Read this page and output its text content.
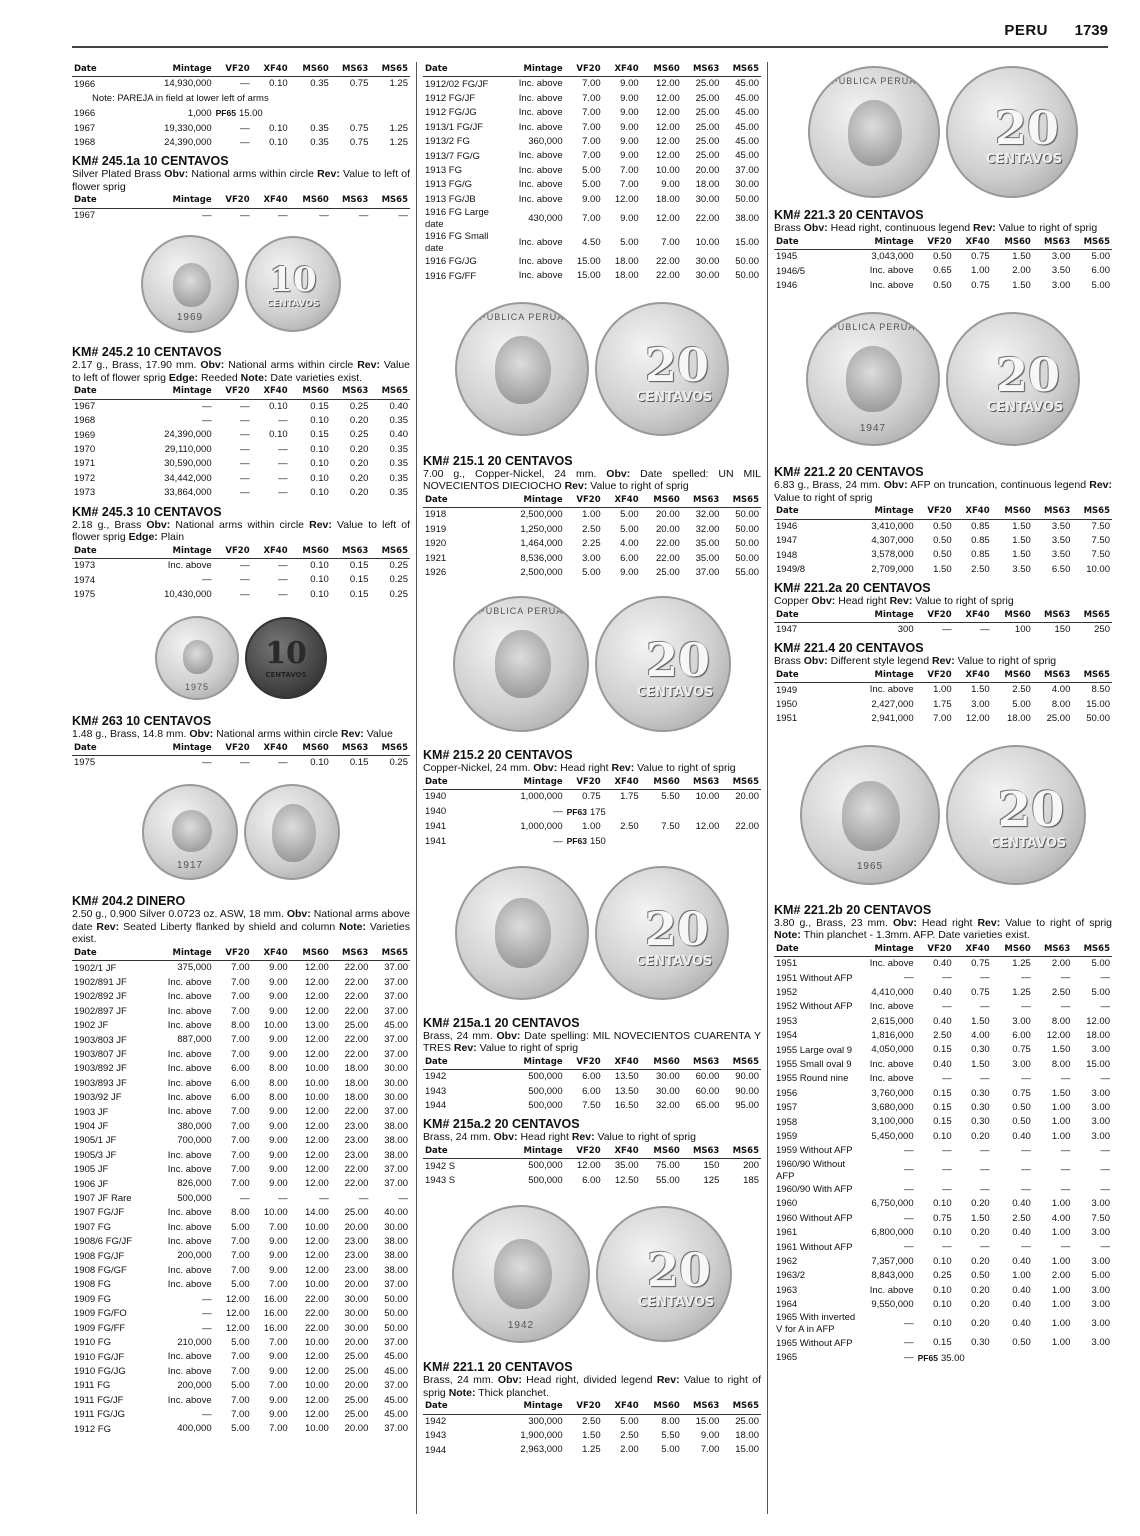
PERU 1739
Date	Mintage	VF20	XF40	MS60	MS63	MS65
1966	14,930,000	—	0.10	0.35	0.75	1.25
Note: PAREJA in field at lower left of arms						
1966	1,000	PF65 15.00				
1967	19,330,000	—	0.10	0.35	0.75	1.25
1968	24,390,000	—	0.10	0.35	0.75	1.25
KM# 245.1a 10 CENTAVOS
Silver Plated Brass Obv: National arms within circle Rev: Value to left of flower sprig
Date	Mintage	VF20	XF40	MS60	MS63	MS65
1967	—	—	—	—	—	—
1969
10
CENTAVOS
KM# 245.2 10 CENTAVOS
2.17 g., Brass, 17.90 mm. Obv: National arms within circle Rev: Value to left of flower sprig Edge: Reeded Note: Date varieties exist.
Date	Mintage	VF20	XF40	MS60	MS63	MS65
1967	—	—	0.10	0.15	0.25	0.40
1968	—	—	—	0.10	0.20	0.35
1969	24,390,000	—	0.10	0.15	0.25	0.40
1970	29,110,000	—	—	0.10	0.20	0.35
1971	30,590,000	—	—	0.10	0.20	0.35
1972	34,442,000	—	—	0.10	0.20	0.35
1973	33,864,000	—	—	0.10	0.20	0.35
KM# 245.3 10 CENTAVOS
2.18 g., Brass Obv: National arms within circle Rev: Value to left of flower sprig Edge: Plain
Date	Mintage	VF20	XF40	MS60	MS63	MS65
1973	Inc. above	—	—	0.10	0.15	0.25
1974	—	—	—	0.10	0.15	0.25
1975	10,430,000	—	—	0.10	0.15	0.25
1975
10
CENTAVOS
KM# 263 10 CENTAVOS
1.48 g., Brass, 14.8 mm. Obv: National arms within circle Rev: Value
Date	Mintage	VF20	XF40	MS60	MS63	MS65
1975	—	—	—	0.10	0.15	0.25
1917
KM# 204.2 DINERO
2.50 g., 0.900 Silver 0.0723 oz. ASW, 18 mm. Obv: National arms above date Rev: Seated Liberty flanked by shield and column Note: Varieties exist.
Date	Mintage	VF20	XF40	MS60	MS63	MS65
1902/1 JF	375,000	7.00	9.00	12.00	22.00	37.00
1902/891 JF	Inc. above	7.00	9.00	12.00	22.00	37.00
1902/892 JF	Inc. above	7.00	9.00	12.00	22.00	37.00
1902/897 JF	Inc. above	7.00	9.00	12.00	22.00	37.00
1902 JF	Inc. above	8.00	10.00	13.00	25.00	45.00
1903/803 JF	887,000	7.00	9.00	12.00	22.00	37.00
1903/807 JF	Inc. above	7.00	9.00	12.00	22.00	37.00
1903/892 JF	Inc. above	6.00	8.00	10.00	18.00	30.00
1903/893 JF	Inc. above	6.00	8.00	10.00	18.00	30.00
1903/92 JF	Inc. above	6.00	8.00	10.00	18.00	30.00
1903 JF	Inc. above	7.00	9.00	12.00	22.00	37.00
1904 JF	380,000	7.00	9.00	12.00	23.00	38.00
1905/1 JF	700,000	7.00	9.00	12.00	23.00	38.00
1905/3 JF	Inc. above	7.00	9.00	12.00	23.00	38.00
1905 JF	Inc. above	7.00	9.00	12.00	22.00	37.00
1906 JF	826,000	7.00	9.00	12.00	22.00	37.00
1907 JF Rare	500,000	—	—	—	—	—
1907 FG/JF	Inc. above	8.00	10.00	14.00	25.00	40.00
1907 FG	Inc. above	5.00	7.00	10.00	20.00	30.00
1908/6 FG/JF	Inc. above	7.00	9.00	12.00	23.00	38.00
1908 FG/JF	200,000	7.00	9.00	12.00	23.00	38.00
1908 FG/GF	Inc. above	7.00	9.00	12.00	23.00	38.00
1908 FG	Inc. above	5.00	7.00	10.00	20.00	37.00
1909 FG	—	12.00	16.00	22.00	30.00	50.00
1909 FG/FO	—	12.00	16.00	22.00	30.00	50.00
1909 FG/FF	—	12.00	16.00	22.00	30.00	50.00
1910 FG	210,000	5.00	7.00	10.00	20.00	37.00
1910 FG/JF	Inc. above	7.00	9.00	12.00	25.00	45.00
1910 FG/JG	Inc. above	7.00	9.00	12.00	25.00	45.00
1911 FG	200,000	5.00	7.00	10.00	20.00	37.00
1911 FG/JF	Inc. above	7.00	9.00	12.00	25.00	45.00
1911 FG/JG	—	7.00	9.00	12.00	25.00	45.00
1912 FG	400,000	5.00	7.00	10.00	20.00	37.00
Date	Mintage	VF20	XF40	MS60	MS63	MS65
1912/02 FG/JF	Inc. above	7.00	9.00	12.00	25.00	45.00
1912 FG/JF	Inc. above	7.00	9.00	12.00	25.00	45.00
1912 FG/JG	Inc. above	7.00	9.00	12.00	25.00	45.00
1913/1 FG/JF	Inc. above	7.00	9.00	12.00	25.00	45.00
1913/2 FG	360,000	7.00	9.00	12.00	25.00	45.00
1913/7 FG/G	Inc. above	7.00	9.00	12.00	25.00	45.00
1913 FG	Inc. above	5.00	7.00	10.00	20.00	37.00
1913 FG/G	Inc. above	5.00	7.00	9.00	18.00	30.00
1913 FG/JB	Inc. above	9.00	12.00	18.00	30.00	50.00
1916 FG Large date	430,000	7.00	9.00	12.00	22.00	38.00
1916 FG Small date	Inc. above	4.50	5.00	7.00	10.00	15.00
1916 FG/JG	Inc. above	15.00	18.00	22.00	30.00	50.00
1916 FG/FF	Inc. above	15.00	18.00	22.00	30.00	50.00
REPUBLICA PERUANA
20
CENTAVOS
KM# 215.1 20 CENTAVOS
7.00 g., Copper-Nickel, 24 mm. Obv: Date spelled: UN MIL NOVECIENTOS DIECIOCHO Rev: Value to right of sprig
Date	Mintage	VF20	XF40	MS60	MS63	MS65
1918	2,500,000	1.00	5.00	20.00	32.00	50.00
1919	1,250,000	2.50	5.00	20.00	32.00	50.00
1920	1,464,000	2.25	4.00	22.00	35.00	50.00
1921	8,536,000	3.00	6.00	22.00	35.00	50.00
1926	2,500,000	5.00	9.00	25.00	37.00	55.00
REPUBLICA PERUANA
20
CENTAVOS
KM# 215.2 20 CENTAVOS
Copper-Nickel, 24 mm. Obv: Head right Rev: Value to right of sprig
Date	Mintage	VF20	XF40	MS60	MS63	MS65
1940	1,000,000	0.75	1.75	5.50	10.00	20.00
1940	—	PF63 175				
1941	1,000,000	1.00	2.50	7.50	12.00	22.00
1941	—	PF63 150				
20
CENTAVOS
KM# 215a.1 20 CENTAVOS
Brass, 24 mm. Obv: Date spelling: MIL NOVECIENTOS CUARENTA Y TRES Rev: Value to right of sprig
Date	Mintage	VF20	XF40	MS60	MS63	MS65
1942	500,000	6.00	13.50	30.00	60.00	90.00
1943	500,000	6.00	13.50	30.00	60.00	90.00
1944	500,000	7.50	16.50	32.00	65.00	95.00
KM# 215a.2 20 CENTAVOS
Brass, 24 mm. Obv: Head right Rev: Value to right of sprig
Date	Mintage	VF20	XF40	MS60	MS63	MS65
1942 S	500,000	12.00	35.00	75.00	150	200
1943 S	500,000	6.00	12.50	55.00	125	185
1942
20
CENTAVOS
KM# 221.1 20 CENTAVOS
Brass, 24 mm. Obv: Head right, divided legend Rev: Value to right of sprig Note: Thick planchet.
Date	Mintage	VF20	XF40	MS60	MS63	MS65
1942	300,000	2.50	5.00	8.00	15.00	25.00
1943	1,900,000	1.50	2.50	5.50	9.00	18.00
1944	2,963,000	1.25	2.00	5.00	7.00	15.00
REPUBLICA PERUANA
20
CENTAVOS
KM# 221.3 20 CENTAVOS
Brass Obv: Head right, continuous legend Rev: Value to right of sprig
Date	Mintage	VF20	XF40	MS60	MS63	MS65
1945	3,043,000	0.50	0.75	1.50	3.00	5.00
1946/5	Inc. above	0.65	1.00	2.00	3.50	6.00
1946	Inc. above	0.50	0.75	1.50	3.00	5.00
REPUBLICA PERUANA
1947
20
CENTAVOS
KM# 221.2 20 CENTAVOS
6.83 g., Brass, 24 mm. Obv: AFP on truncation, continuous legend Rev: Value to right of sprig
Date	Mintage	VF20	XF40	MS60	MS63	MS65
1946	3,410,000	0.50	0.85	1.50	3.50	7.50
1947	4,307,000	0.50	0.85	1.50	3.50	7.50
1948	3,578,000	0.50	0.85	1.50	3.50	7.50
1949/8	2,709,000	1.50	2.50	3.50	6.50	10.00
KM# 221.2a 20 CENTAVOS
Copper Obv: Head right Rev: Value to right of sprig
Date	Mintage	VF20	XF40	MS60	MS63	MS65
1947	300	—	—	100	150	250
KM# 221.4 20 CENTAVOS
Brass Obv: Different style legend Rev: Value to right of sprig
Date	Mintage	VF20	XF40	MS60	MS63	MS65
1949	Inc. above	1.00	1.50	2.50	4.00	8.50
1950	2,427,000	1.75	3.00	5.00	8.00	15.00
1951	2,941,000	7.00	12.00	18.00	25.00	50.00
1965
20
CENTAVOS
KM# 221.2b 20 CENTAVOS
3.80 g., Brass, 23 mm. Obv: Head right Rev: Value to right of sprig Note: Thin planchet - 1.3mm. AFP. Date varieties exist.
Date	Mintage	VF20	XF40	MS60	MS63	MS65
1951	Inc. above	0.40	0.75	1.25	2.00	5.00
1951 Without AFP	—	—	—	—	—	—
1952	4,410,000	0.40	0.75	1.25	2.50	5.00
1952 Without AFP	Inc. above	—	—	—	—	—
1953	2,615,000	0.40	1.50	3.00	8.00	12.00
1954	1,816,000	2.50	4.00	6.00	12.00	18.00
1955 Large oval 9	4,050,000	0.15	0.30	0.75	1.50	3.00
1955 Small oval 9	Inc. above	0.40	1.50	3.00	8.00	15.00
1955 Round nine	Inc. above	—	—	—	—	—
1956	3,760,000	0.15	0.30	0.75	1.50	3.00
1957	3,680,000	0.15	0.30	0.50	1.00	3.00
1958	3,100,000	0.15	0.30	0.50	1.00	3.00
1959	5,450,000	0.10	0.20	0.40	1.00	3.00
1959 Without AFP	—	—	—	—	—	—
1960/90 Without AFP	—	—	—	—	—	—
1960/90 With AFP	—	—	—	—	—	—
1960	6,750,000	0.10	0.20	0.40	1.00	3.00
1960 Without AFP	—	0.75	1.50	2.50	4.00	7.50
1961	6,800,000	0.10	0.20	0.40	1.00	3.00
1961 Without AFP	—	—	—	—	—	—
1962	7,357,000	0.10	0.20	0.40	1.00	3.00
1963/2	8,843,000	0.25	0.50	1.00	2.00	5.00
1963	Inc. above	0.10	0.20	0.40	1.00	3.00
1964	9,550,000	0.10	0.20	0.40	1.00	3.00
1965 With inverted V for A in AFP	—	0.10	0.20	0.40	1.00	3.00
1965 Without AFP	—	0.15	0.30	0.50	1.00	3.00
1965	—	PF65 35.00				
